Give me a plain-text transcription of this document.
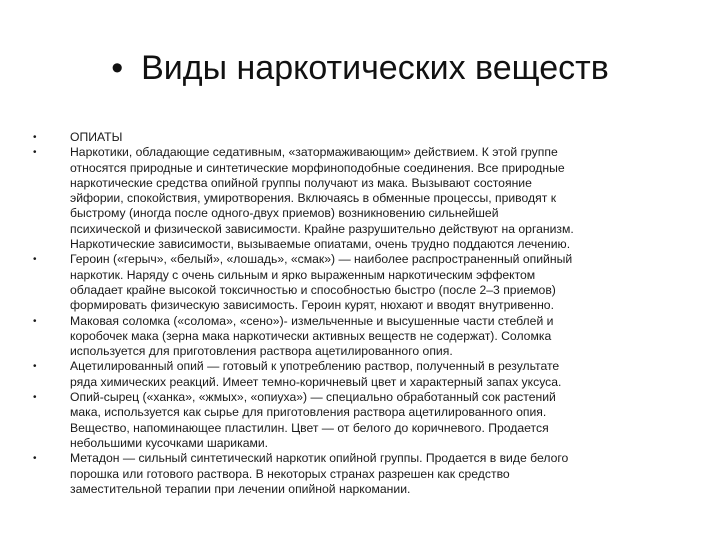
• Виды наркотических веществ
•	ОПИАТЫ
•	Наркотики, обладающие седативным, «затормаживающим» действием. К этой группе
относятся природные и синтетические морфиноподобные соединения. Все природные
наркотические средства опийной группы получают из мака. Вызывают состояние
эйфории, спокойствия, умиротворения. Включаясь в обменные процессы, приводят к
быстрому (иногда после одного-двух приемов) возникновению сильнейшей
психической и физической зависимости. Крайне разрушительно действуют на организм.
Наркотические зависимости, вызываемые опиатами, очень трудно поддаются лечению.
•	Героин («герыч», «белый», «лошадь», «смак») — наиболее распространенный опийный
наркотик. Наряду с очень сильным и ярко выраженным наркотическим эффектом
обладает крайне высокой токсичностью и способностью быстро (после 2–3 приемов)
формировать физическую зависимость. Героин курят, нюхают и вводят внутривенно.
•	Маковая соломка («солома», «сено»)- измельченные и высушенные части стеблей и
коробочек мака (зерна мака наркотически активных веществ не содержат). Соломка
используется для приготовления раствора ацетилированного опия.
•	Ацетилированный опий — готовый к употреблению раствор, полученный в результате
ряда химических реакций. Имеет темно-коричневый цвет и характерный запах уксуса.
•	Опий-сырец («ханка», «жмых», «опиуха») — специально обработанный сок растений
мака, используется как сырье для приготовления раствора ацетилированного опия.
Вещество, напоминающее пластилин. Цвет — от белого до коричневого. Продается
небольшими кусочками шариками.
•	Метадон — сильный синтетический наркотик опийной группы. Продается в виде белого
порошка или готового раствора. В некоторых странах разрешен как средство
заместительной терапии при лечении опийной наркомании.
